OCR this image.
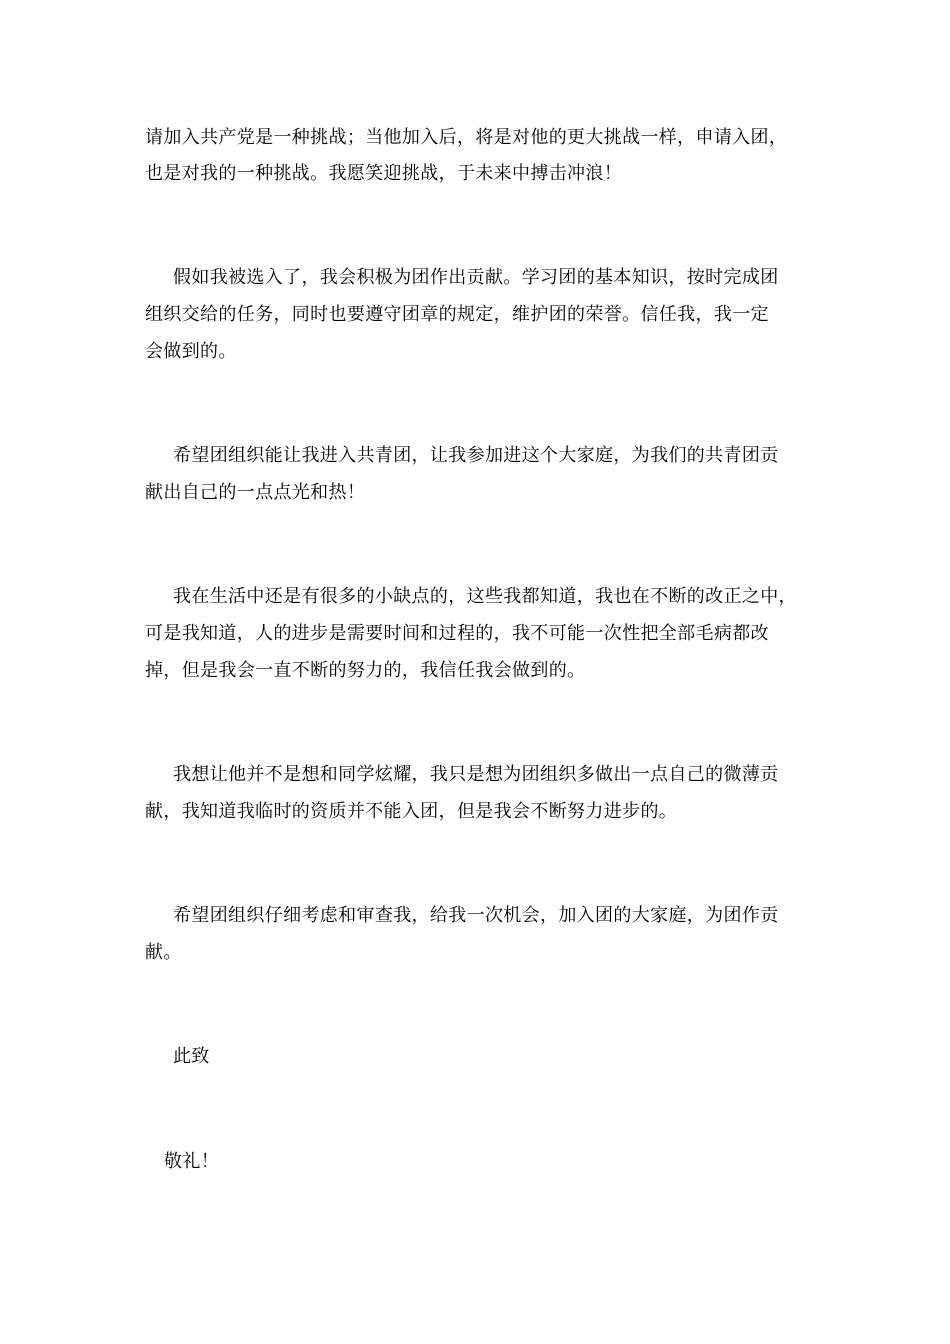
请加入共产党是一种挑战；当他加入后，将是对他的更大挑战一样，申请入团，
也是对我的一种挑战。我愿笑迎挑战，于未来中搏击冲浪！
假如我被选入了，我会积极为团作出贡献。学习团的基本知识，按时完成团
组织交给的任务，同时也要遵守团章的规定，维护团的荣誉。信任我，我一定
会做到的。
希望团组织能让我进入共青团，让我参加进这个大家庭，为我们的共青团贡
献出自己的一点点光和热！
我在生活中还是有很多的小缺点的，这些我都知道，我也在不断的改正之中，
可是我知道，人的进步是需要时间和过程的，我不可能一次性把全部毛病都改
掉，但是我会一直不断的努力的，我信任我会做到的。
我想让他并不是想和同学炫耀，我只是想为团组织多做出一点自己的微薄贡
献，我知道我临时的资质并不能入团，但是我会不断努力进步的。
希望团组织仔细考虑和审查我，给我一次机会，加入团的大家庭，为团作贡
献。
此致
敬礼！
